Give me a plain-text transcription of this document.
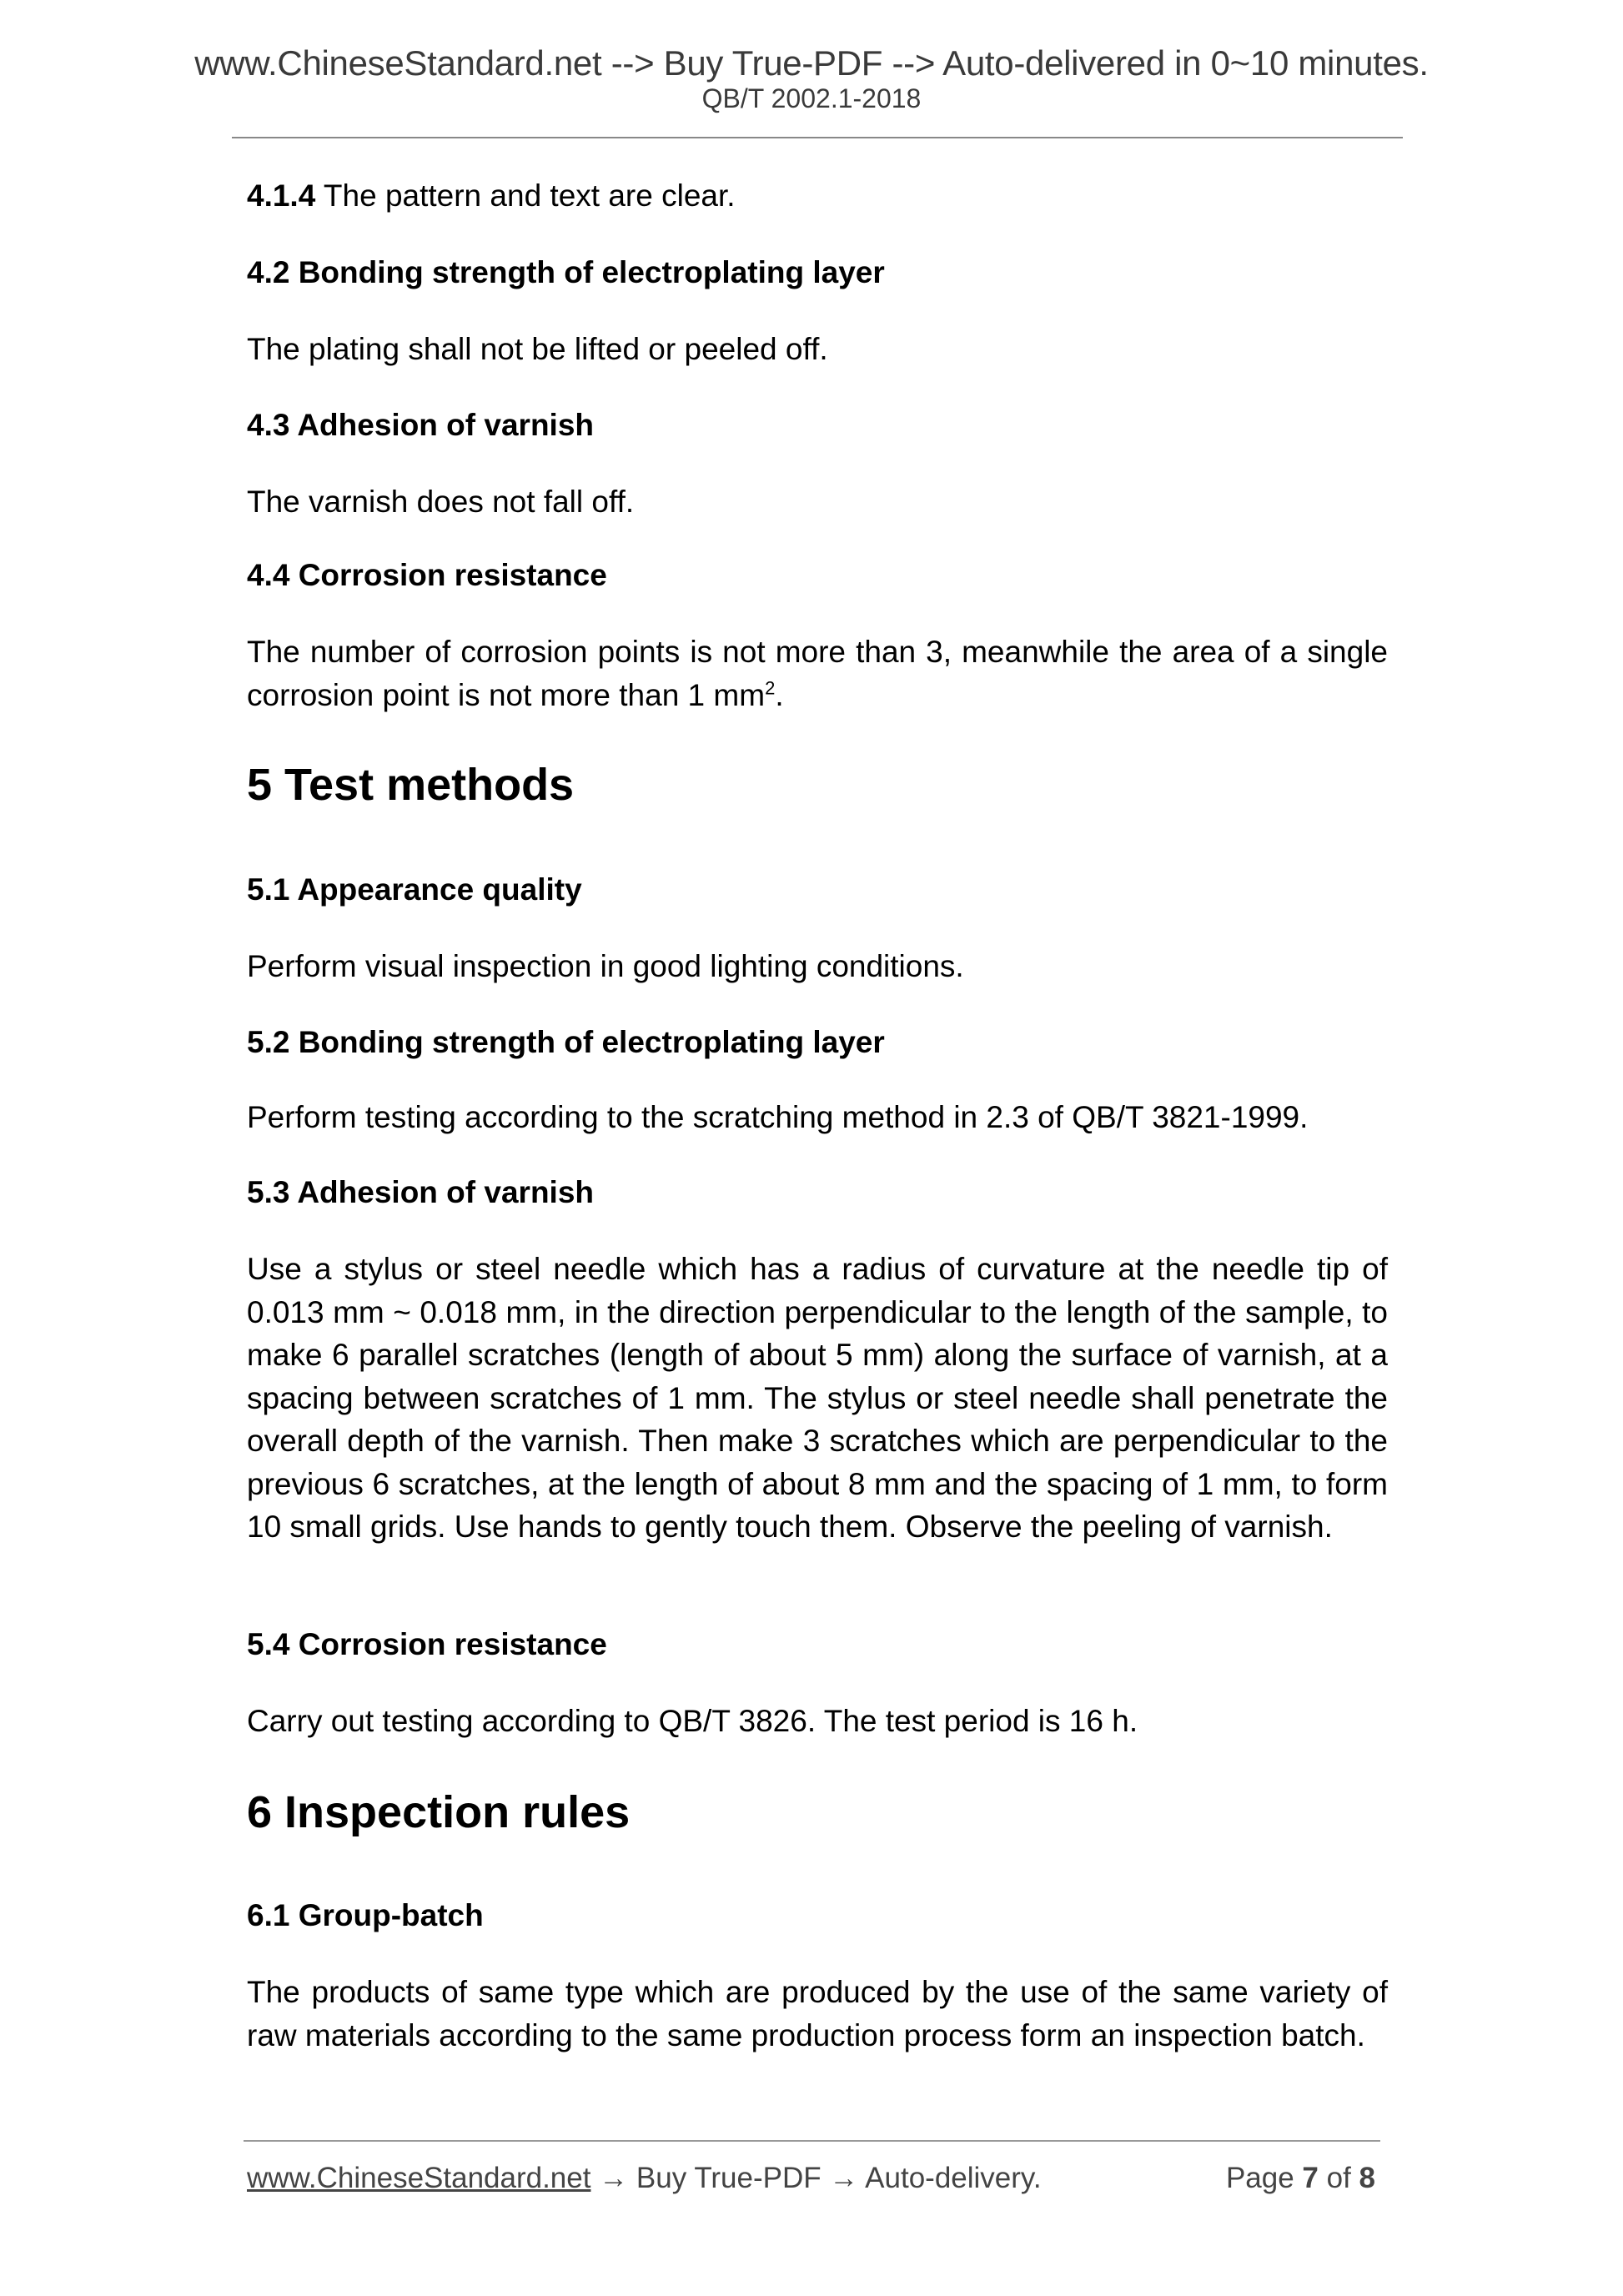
www.ChineseStandard.net --> Buy True-PDF --> Auto-delivered in 0~10 minutes.
QB/T 2002.1-2018
4.1.4 The pattern and text are clear.
4.2 Bonding strength of electroplating layer
The plating shall not be lifted or peeled off.
4.3 Adhesion of varnish
The varnish does not fall off.
4.4 Corrosion resistance
The number of corrosion points is not more than 3, meanwhile the area of a single corrosion point is not more than 1 $mm^2$.
5 Test methods
5.1 Appearance quality
Perform visual inspection in good lighting conditions.
5.2 Bonding strength of electroplating layer
Perform testing according to the scratching method in 2.3 of QB/T 3821-1999.
5.3 Adhesion of varnish
Use a stylus or steel needle which has a radius of curvature at the needle tip of 0.013 mm ~ 0.018 mm, in the direction perpendicular to the length of the sample, to make 6 parallel scratches (length of about 5 mm) along the surface of varnish, at a spacing between scratches of 1 mm. The stylus or steel needle shall penetrate the overall depth of the varnish. Then make 3 scratches which are perpendicular to the previous 6 scratches, at the length of about 8 mm and the spacing of 1 mm, to form 10 small grids. Use hands to gently touch them. Observe the peeling of varnish.
5.4 Corrosion resistance
Carry out testing according to QB/T 3826. The test period is 16 h.
6 Inspection rules
6.1 Group-batch
The products of same type which are produced by the use of the same variety of raw materials according to the same production process form an inspection batch.
www.ChineseStandard.net → Buy True-PDF → Auto-delivery.	Page 7 of 8
